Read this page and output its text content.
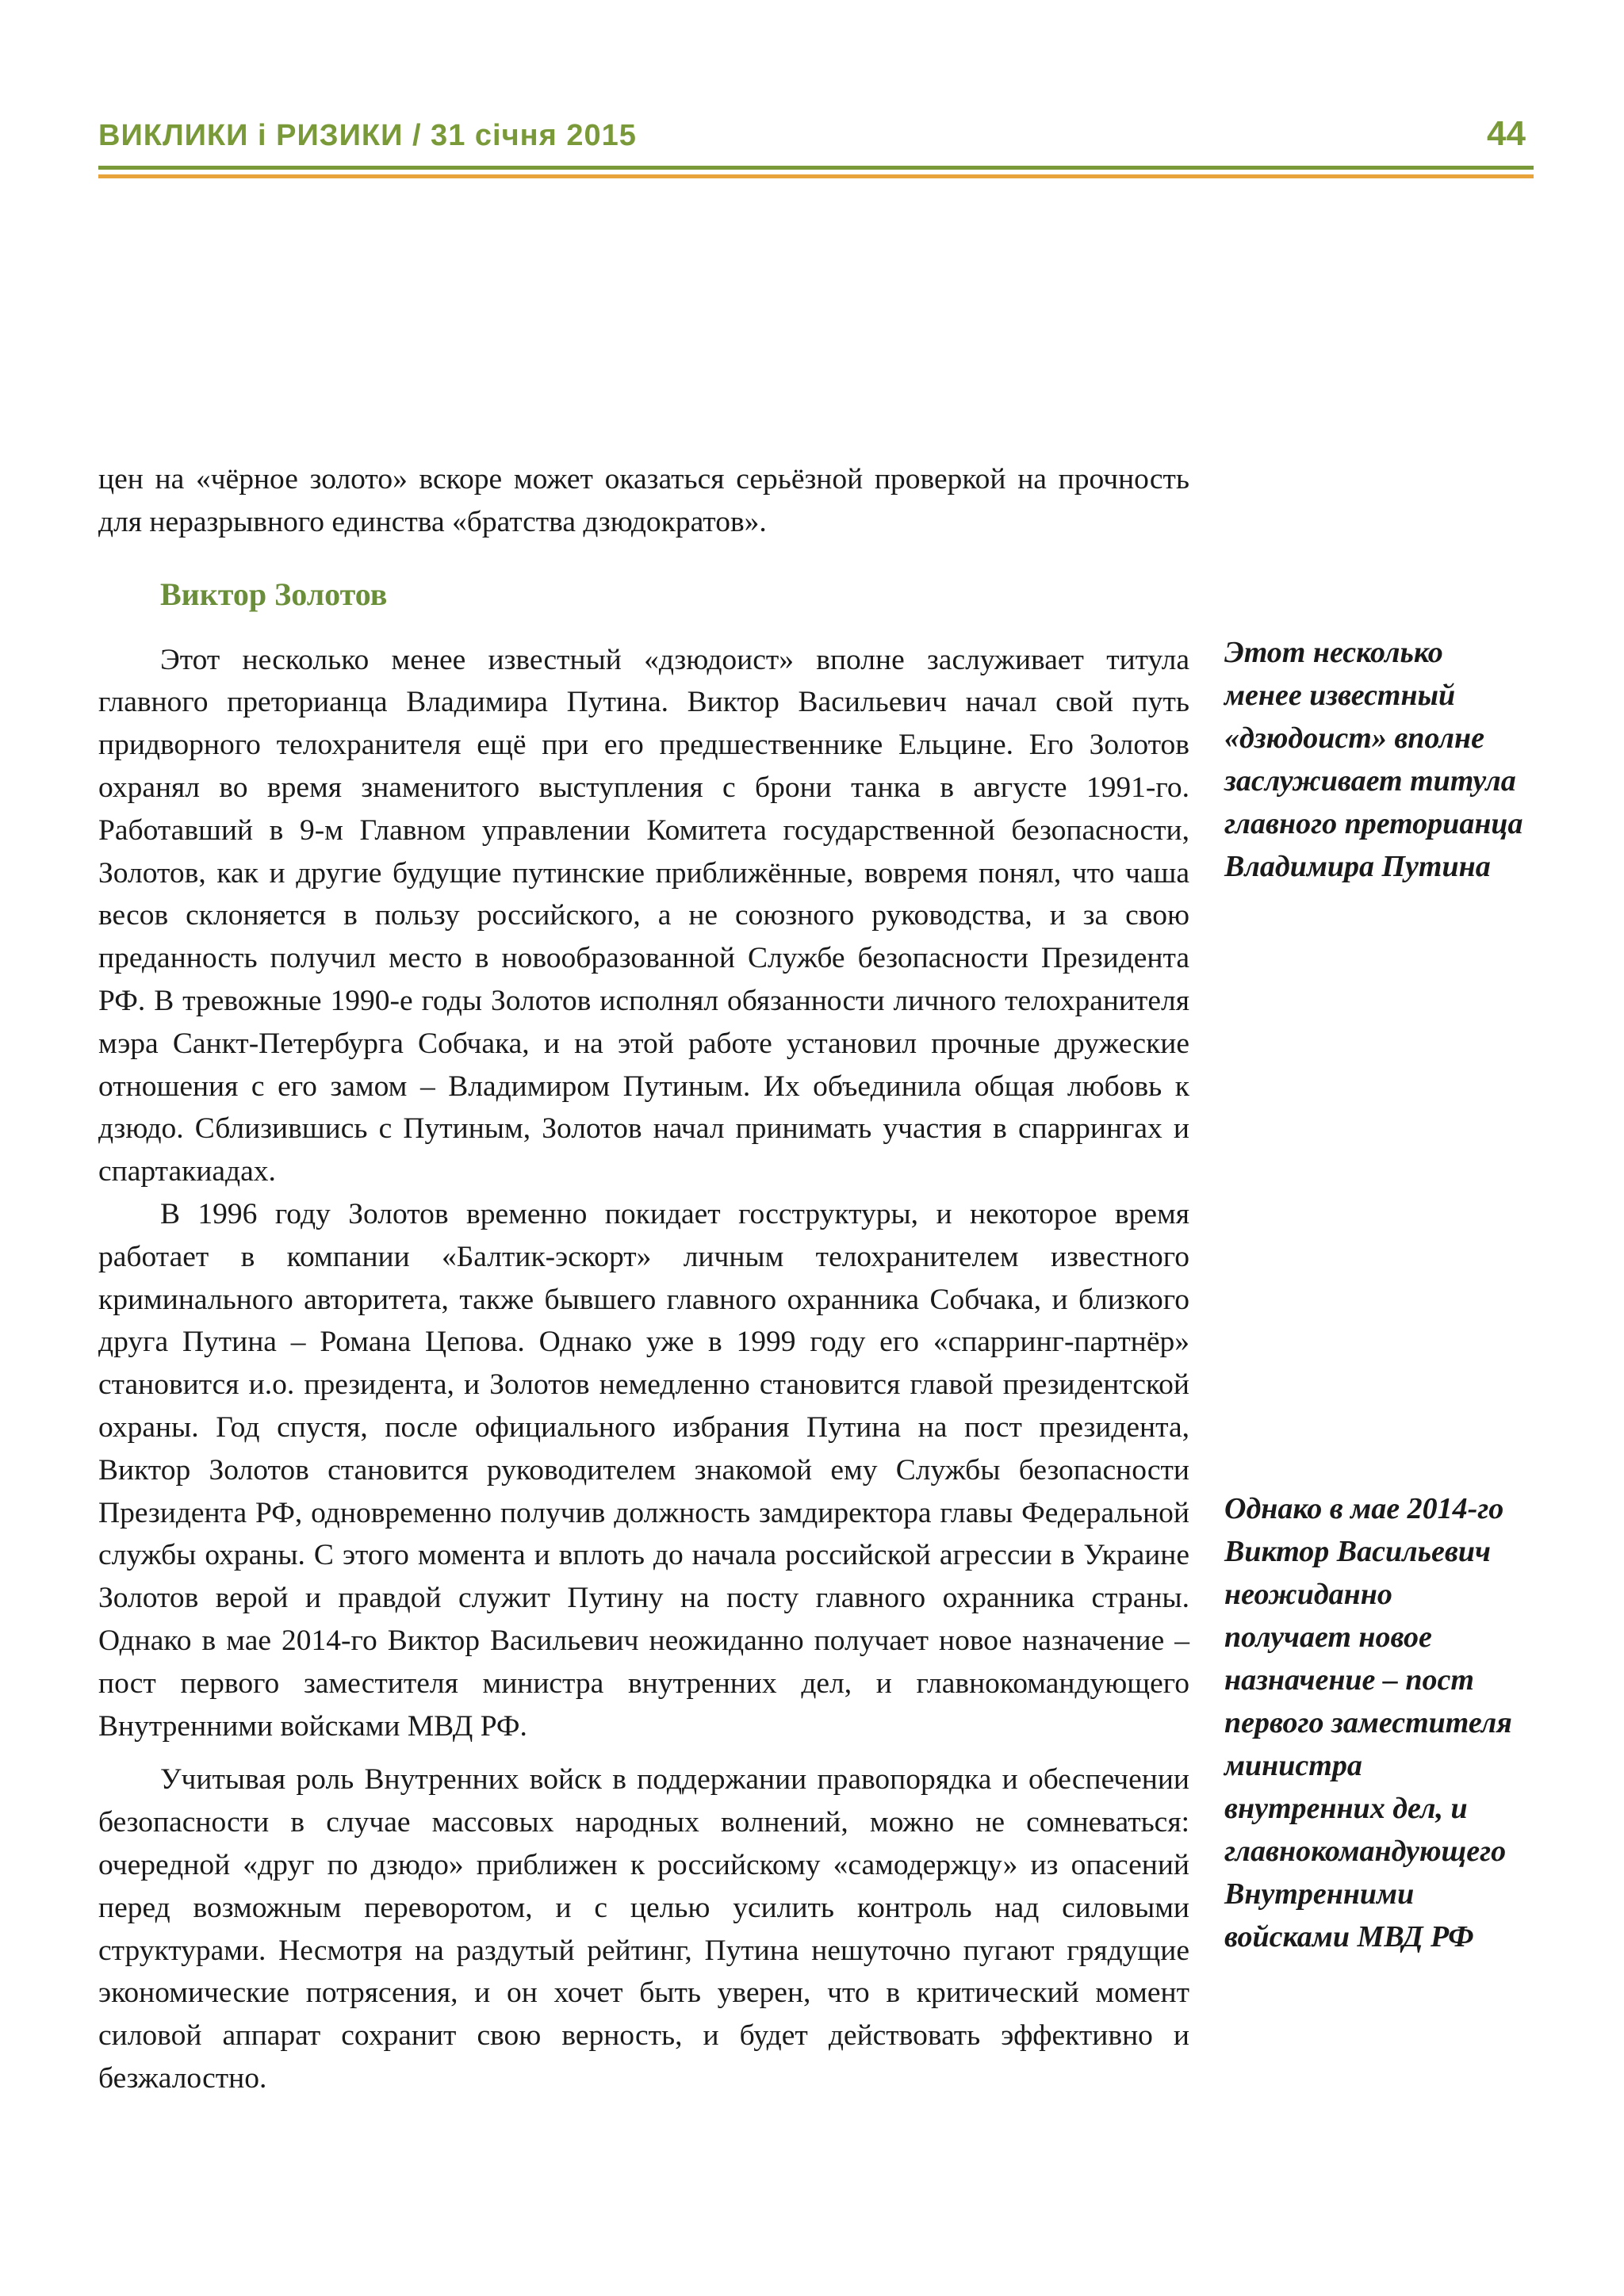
ВИКЛИКИ і РИЗИКИ / 31 січня 2015	44

цен на «чёрное золото» вскоре может оказаться серьёзной проверкой на прочность для неразрывного единства «братства дзюдократов».

Виктор Золотов

Этот несколько менее известный «дзюдоист» вполне заслуживает титула главного преторианца Владимира Путина. Виктор Васильевич начал свой путь придворного телохранителя ещё при его предшественнике Ельцине. Его Золотов охранял во время знаменитого выступления с брони танка в августе 1991-го. Работавший в 9-м Главном управлении Комитета государственной безопасности, Золотов, как и другие будущие путинские приближённые, вовремя понял, что чаша весов склоняется в пользу российского, а не союзного руководства, и за свою преданность получил место в новообразованной Службе безопасности Президента РФ. В тревожные 1990-е годы Золотов исполнял обязанности личного телохранителя мэра Санкт-Петербурга Собчака, и на этой работе установил прочные дружеские отношения с его замом – Владимиром Путиным. Их объединила общая любовь к дзюдо. Сблизившись с Путиным, Золотов начал принимать участия в спаррингах и спартакиадах.

В 1996 году Золотов временно покидает госструктуры, и некоторое время работает в компании «Балтик-эскорт» личным телохранителем известного криминального авторитета, также бывшего главного охранника Собчака, и близкого друга Путина – Романа Цепова. Однако уже в 1999 году его «спарринг-партнёр» становится и.о. президента, и Золотов немедленно становится главой президентской охраны. Год спустя, после официального избрания Путина на пост президента, Виктор Золотов становится руководителем знакомой ему Службы безопасности Президента РФ, одновременно получив должность замдиректора главы Федеральной службы охраны. С этого момента и вплоть до начала российской агрессии в Украине Золотов верой и правдой служит Путину на посту главного охранника страны. Однако в мае 2014-го Виктор Васильевич неожиданно получает новое назначение – пост первого заместителя министра внутренних дел, и главнокомандующего Внутренними войсками МВД РФ.

Учитывая роль Внутренних войск в поддержании правопорядка и обеспечении безопасности в случае массовых народных волнений, можно не сомневаться: очередной «друг по дзюдо» приближен к российскому «самодержцу» из опасений перед возможным переворотом, и с целью усилить контроль над силовыми структурами. Несмотря на раздутый рейтинг, Путина нешуточно пугают грядущие экономические потрясения, и он хочет быть уверен, что в критический момент силовой аппарат сохранит свою верность, и будет действовать эффективно и безжалостно.

Этот несколько менее известный «дзюдоист» вполне заслуживает титула главного преторианца Владимира Путина
Однако в мае 2014-го Виктор Васильевич неожиданно получает новое назначение – пост первого заместителя министра внутренних дел, и главнокомандующего Внутренними войсками МВД РФ
